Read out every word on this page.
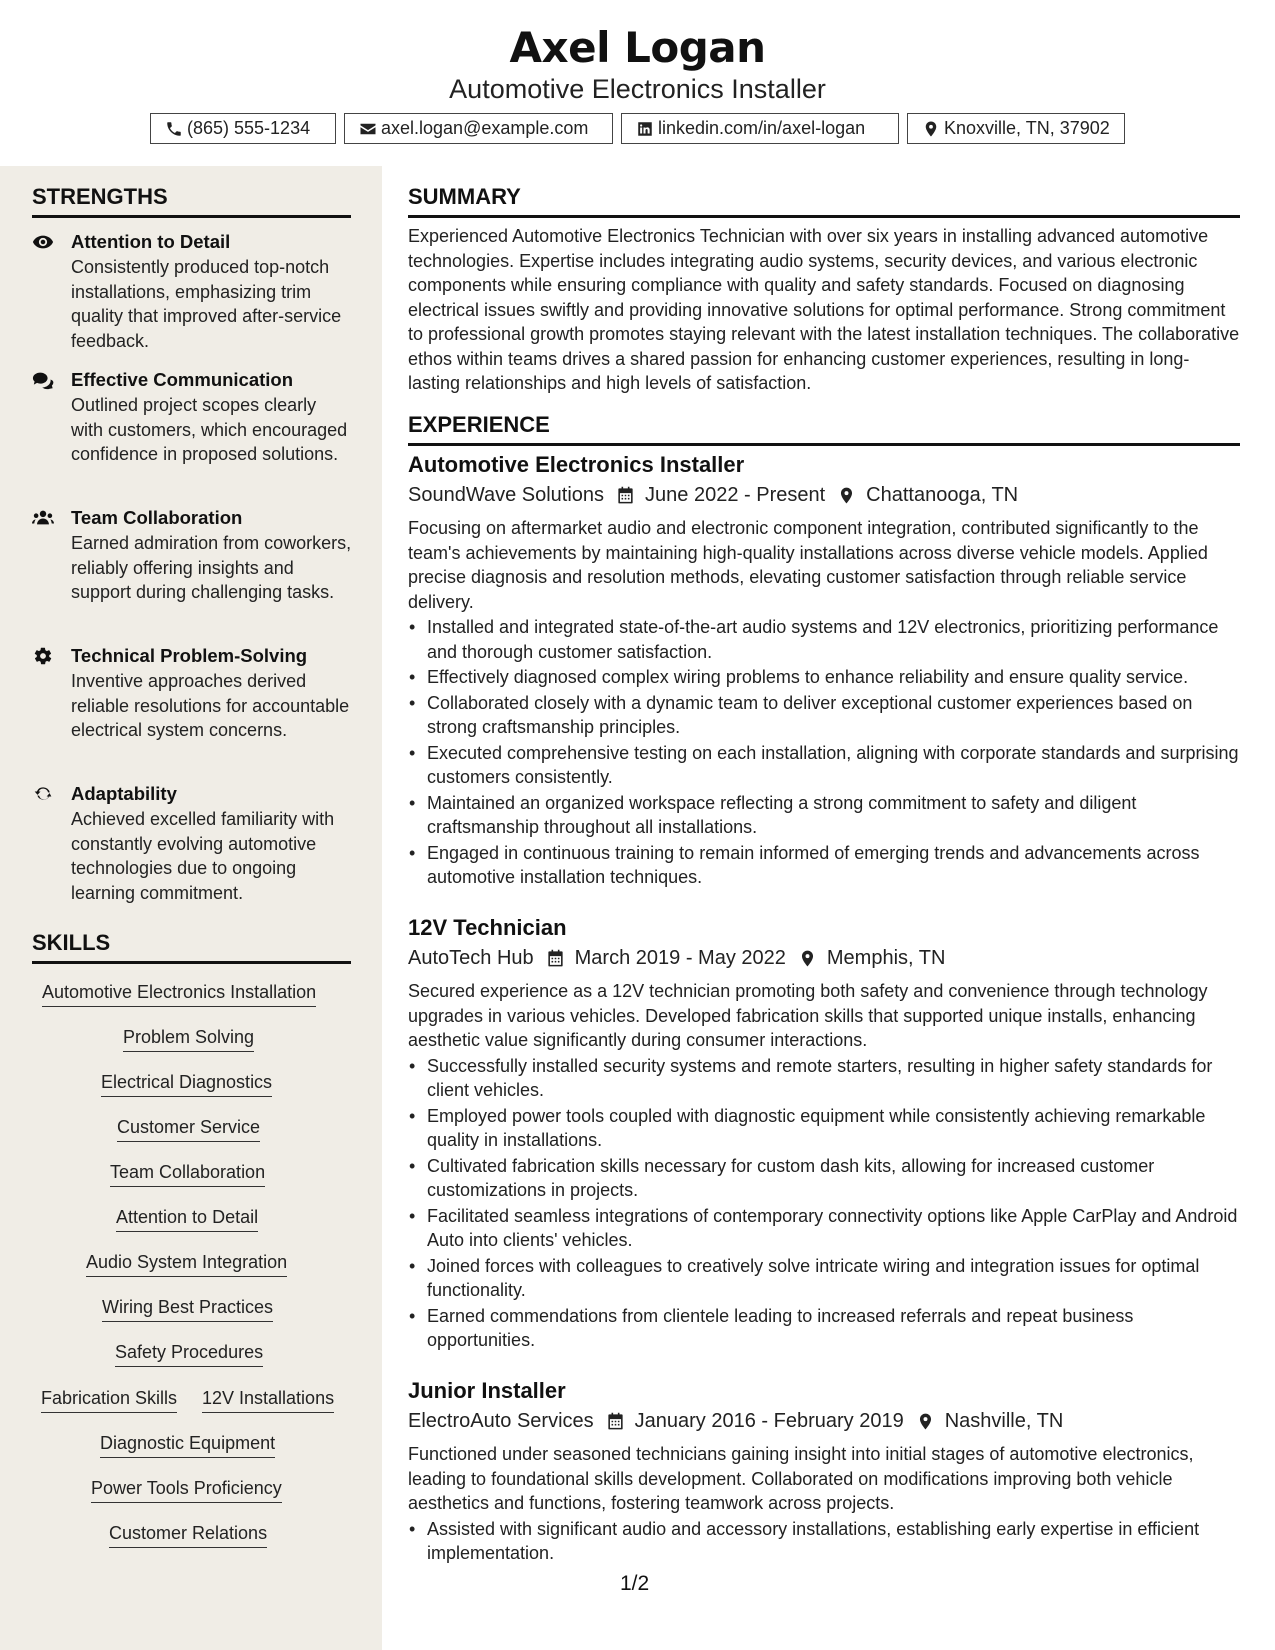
Axel Logan
Automotive Electronics Installer
(865) 555-1234	axel.logan@example.com	linkedin.com/in/axel-logan	Knoxville, TN, 37902
STRENGTHS
Attention to Detail
Consistently produced top-notch installations, emphasizing trim quality that improved after-service feedback.
Effective Communication
Outlined project scopes clearly with customers, which encouraged confidence in proposed solutions.
Team Collaboration
Earned admiration from coworkers, reliably offering insights and support during challenging tasks.
Technical Problem-Solving
Inventive approaches derived reliable resolutions for accountable electrical system concerns.
Adaptability
Achieved excelled familiarity with constantly evolving automotive technologies due to ongoing learning commitment.
SKILLS
Automotive Electronics Installation
Problem Solving
Electrical Diagnostics
Customer Service
Team Collaboration
Attention to Detail
Audio System Integration
Wiring Best Practices
Safety Procedures
Fabrication Skills 12V Installations
Diagnostic Equipment
Power Tools Proficiency
Customer Relations
SUMMARY
Experienced Automotive Electronics Technician with over six years in installing advanced automotive technologies. Expertise includes integrating audio systems, security devices, and various electronic components while ensuring compliance with quality and safety standards. Focused on diagnosing electrical issues swiftly and providing innovative solutions for optimal performance. Strong commitment to professional growth promotes staying relevant with the latest installation techniques. The collaborative ethos within teams drives a shared passion for enhancing customer experiences, resulting in long-lasting relationships and high levels of satisfaction.
EXPERIENCE
Automotive Electronics Installer
SoundWave Solutions June 2022 - Present Chattanooga, TN
Focusing on aftermarket audio and electronic component integration, contributed significantly to the team's achievements by maintaining high-quality installations across diverse vehicle models. Applied precise diagnosis and resolution methods, elevating customer satisfaction through reliable service delivery.
• Installed and integrated state-of-the-art audio systems and 12V electronics, prioritizing performance and thorough customer satisfaction.
• Effectively diagnosed complex wiring problems to enhance reliability and ensure quality service.
• Collaborated closely with a dynamic team to deliver exceptional customer experiences based on strong craftsmanship principles.
• Executed comprehensive testing on each installation, aligning with corporate standards and surprising customers consistently.
• Maintained an organized workspace reflecting a strong commitment to safety and diligent craftsmanship throughout all installations.
• Engaged in continuous training to remain informed of emerging trends and advancements across automotive installation techniques.
12V Technician
AutoTech Hub March 2019 - May 2022 Memphis, TN
Secured experience as a 12V technician promoting both safety and convenience through technology upgrades in various vehicles. Developed fabrication skills that supported unique installs, enhancing aesthetic value significantly during consumer interactions.
• Successfully installed security systems and remote starters, resulting in higher safety standards for client vehicles.
• Employed power tools coupled with diagnostic equipment while consistently achieving remarkable quality in installations.
• Cultivated fabrication skills necessary for custom dash kits, allowing for increased customer customizations in projects.
• Facilitated seamless integrations of contemporary connectivity options like Apple CarPlay and Android Auto into clients' vehicles.
• Joined forces with colleagues to creatively solve intricate wiring and integration issues for optimal functionality.
• Earned commendations from clientele leading to increased referrals and repeat business opportunities.
Junior Installer
ElectroAuto Services January 2016 - February 2019 Nashville, TN
Functioned under seasoned technicians gaining insight into initial stages of automotive electronics, leading to foundational skills development. Collaborated on modifications improving both vehicle aesthetics and functions, fostering teamwork across projects.
• Assisted with significant audio and accessory installations, establishing early expertise in efficient implementation.
1/2
